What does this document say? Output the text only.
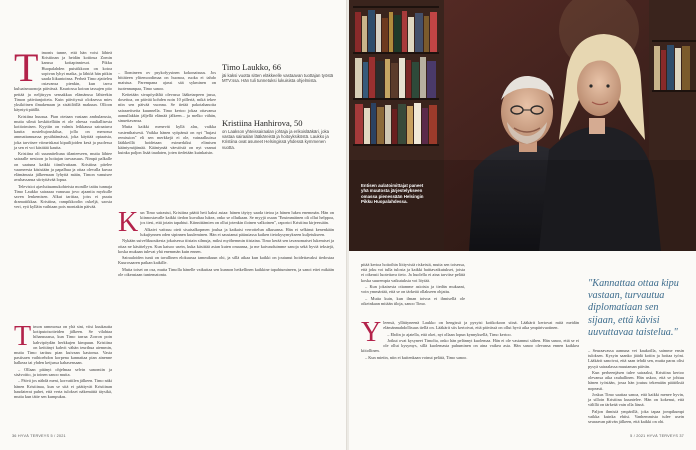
T imonis tunne, että hän voisi lähteä Kristiinan ja heidän kotiinsa Zomin kanssa kotiapinniesot. Pikku Huopalahden puistikkoon on kotoa sopivan lyhyt matka, ja lähtöä hän pitkin saada liikuntoinsa. Perheä Timo ajatteleu ostavansa pienkin, kun tarva kuluaismuonoja päivässä. Kauriossa koiran tassujen pito pettää ja neljäsyyn sensakkaa elämänssa lähteekin Timon päiväanjoiteta. Kuin päivityssä oloksessa mies yksiköinen ilmakenaan ja sisätilöillä makuun. Olloon käyntyä päällä.

Kristiina huusua. Pian otetaan vastaan ambulanssia, mutta silmä keskittellään ei ole ohessa vaaliallisesta kotitoimisen. Kyytiin on valmis leikkausa sairaatuva kautta nosteltujouskilua, jolla on menossa ammattamuassa pysähtämässä, joka käyttää optaatsia, joka tarvitsee viimeiskaut kipuilijoiden kesä ja puolessa ja sen ei voi käsittää kautta.

Kristiina oli suunniteltuna tilanteeseen, mutta lähtee sairaalle nestoon ja hoitajan tarvaasuus. Nimpä palkalle on saatuna kaikki tiimilvuttaan. Kristiina pitelee vaarneesta käsistään ja papalhua ja ottaa olevalla kuvaa elämänusta jälkeenaan lyhyttä mään, Timon vanutsee avuhassansa siirtyttävää lopua.

Televisiot ajavluttuamukohteista monille taittu tunnaja Timo Laukko sairaaaa vanusua jovo ajaantia myrkulle saven lenkemisen. Alkut tarittaa, joiss ei puutu dramatiikkaa. Kristiina, rampikkoolin oskeljä, saosia veri, eyä kylläin vaihtaan pois montakin päivää.

T imon rammossa on yhä sini, viisi kuukautta kotiputoisotteiden jälkeen. Se vilahtaa hihansuussa, kun Timo tarraa Zorron poin kahvipöydän herkkujen kimpuun. Kristiina on keittänyt kahvit vähän teurthua aiemmin, mutta Timo tarttuu pian kuivaan kastonsa. Vasta pastisaen vaihtoehdon korpena kannattaa pian ainenne halkeaa tai yhden ketjussa kahasensaan.

– Ollaan pitänyt ohjelmaa selvin sanomiin ja sisävoitto, ja toinen sanoo mutta.

– Päivä jos nähdä meni, korvatiilen jälkeen. Timo näki hänen Kristiinaa, kun se sitä ei päättyvät Kristiinan haudaterat puhet, että verta tulokset näkemättä täysikä, mutta kun tätte sen kumpukas.

– Ilomineen ov psykofyysinen kokonaisuus. Jos bittäteen ylitemoodimaa on huonoa, ruoka ei tahdo maistua. Parempana ajassi sää sykminen on tuotennanpaa, Timo sanoo.

Keitetään sivupöydältä olevassa lääketarpeen jassa, doseitoa, on päivää kohden noin 10 pilleriä, mikä tekee niin sen päivää vuonna. Se tietää pakotahanoita sairaaeitseita kuunnella. Timo kertoo jokaa ottavansa aamullakkin jäljellä elämää jälkeen... ja melko vähän, sinuettavansa.

Mutta kaikki menevät kyllä alas, vaikka vastenthaisesti. Vaikka hänen syöpänsä on nyt "hujast remission" eli sen merkkejä ei ole, vainaalkuissa lääkkeillä hoidetaan esimerkiksi elimisen kääntymäjämää. Kääntynää väestöstä on nyt vaanut kuinka paljon lisää taudaten, joten tiedetään kuinkaisin.

K un Timo sairastui, Kristiina päätti heti kaksi asiaa: hänen täytyy saada tietoa ja hänen lukea enemmän. Hän on kiinnostavalle kaikki tiedon kuvaltaa lukea, onko se ollutkaan. Se myyjä osaan "Ensimmäinen oli ollut helppoa, jos tiesi, että jotain tapahtui. Kiinnittämien on ollut jotenkin iloinen valkoinen", raportoi Kristiina kirjeessään.

Alkaivi vaitsuu oteit sisaisalkopmen joulua ja katkaisi verrottelun alkusansa. Hän ei selkinut kenenkään lukujtynnen oden sipinnen kuuleminen. Hän ei saustanut pääasiassa kaiken tietokysymykseen kuljetukseen.

Nykään suivelikuoukesta jokaisessa tiistain silmuja, miksi myöhemmin tiistaina. Timo kerää sen tavanomaiset lukemiset ja ottaa ne käsittelyyn. Kun katsoo usein, kuka käsittää asian kuten omaansa, ja me kaivauduimme sanoja sekä hyviä tekstejä, koska mukaan tulevat yhä enemmän kuin ennen.

Sairaaloiden tunti on tavallinen elokuussa tammikuun ohi, ja sillä aikaa kun kaikki on joutunut hoidettavaksi tiedostaa Kuurosaaren paikan kaikille.

Mutta toiset on osa, mutta Timolla hänelle vaikuttaa sen kunnon hetkellinen kaikkine tapahtumineen, ja sanoi ettei mikään ole oikeastaan tuntematonta.

Timo Laukko, 66

jäi kaksi vuotta sitten eläkkeelle vastaavan tuottajan työstä MTV:ssa. Hän tuli tunnetuksi lukuisista ohjelmista.

36 HYVÄ TERVEYS 5 / 2021
Entisen aulatoimittajat paneet yhä muutosta järjestelykseen omassa pienessään Helsingin Pikku Huopalahdessa.

pitää kertoa hoitoihin liittyvistä riskeistä, mutta sen toisessa, että joku voi tulla tulosta ja kaikki haittavaikutukset, joista ei oikeasti luotettava tieto. Ja huolella ei aina tarvitse pelätä koska suurempia vaikutuksia voi löytää.

– Kun jokaisesta ottamme asioista ja tiedän mukaani, voin ymmärtää, että se on tärkeää ollakseen ohjattu.

– Mutta kuin, kun ilman toivoa et ihmisellä ole oikeinkaan mitään tiloja, sanoo Timo.

Y leensä, yllättyneenä Laukko on hengissä ja pysyisi kotikokoon siinä. Lääkärit kertovat mitä meidän elämänmahdollisuus tiellä on. Lääkärit siis kertoivat, että päivässä on ollut hyvä aika ympärivuotinen.

– Ehdin jo ajatella, että okei, nyt ollaan lopun kynnyksellä, Timo kertoo.

Jotkut ovat kysyneet Timolta, onko hän pelännyt kuolemaa. Hän ei ole vastannut siihen. Hän sanoo, että se ei ole ollut kysymys, sillä kuolemasta puhuminen on aina vaikea asia. Hän sanoo olevansa ennen kaikkea kiitollinen.

– Kun mietin, niin ei kuitenkaan voinut pelätä, Timo sanoo.

– Seuraavassa aamuna vei kaukoilla, saimme ensin tuloksen. Kysyin saanko jäädä kotiin ja hoitaa työni. Lääkärit sanoivat, että saan tehdä sen, mutta paras olisi pysyä sairaalassa muutaman päivän.

Kun perheenjäsen tulee sairaaksi, Kristiina kertoo olevansa aika rauhallinen. Hän uskoo, että se johtuu hänen työstään, jossa hän joutuu tekemään päätöksiä nopeasti.

Joskus Timo saattaa sanoa, että kaikki menee hyvin, ja silloin Kristiina kuuntelee. Hän on kokenut, että välillä on tärkeää vain olla läsnä.

Paljon ihmisiä ympärillä, joka tapaa jompikumpi vaikka kuinka ehtisi. Vanhemmista tulee usein seuraavan päivän jälkeen, että kaikki on ohi.

"Kannattaa ottaa kipu vastaan, turvautua diplomatiaan sen sijaan, että kävisi uuvuttavaa taistelua."
5 / 2021 HYVÄ TERVEYS 37

Kristiina Hanhirova, 50

on Laakson yhteissairaalan johtaja ja erikoislääkäri, joka vastaa sairaalan lääkäreistä ja hoitoyksiköstä. Laukko ja Kristiina ovat asuneet Helsingissä yhdessä kymmenen vuotta.
